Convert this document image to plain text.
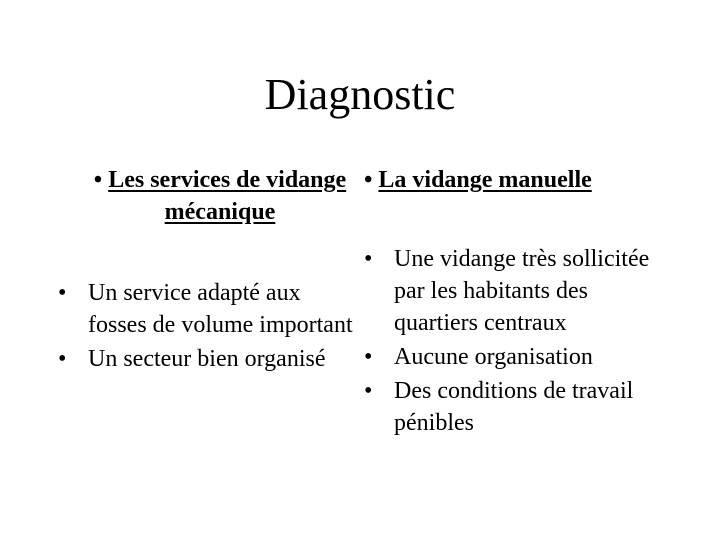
Diagnostic
• Les services de vidange mécanique
• Un service adapté aux fosses de volume important
• Un secteur bien organisé
• La vidange manuelle
• Une vidange très sollicitée par les habitants des quartiers centraux
• Aucune organisation
• Des conditions de travail pénibles
